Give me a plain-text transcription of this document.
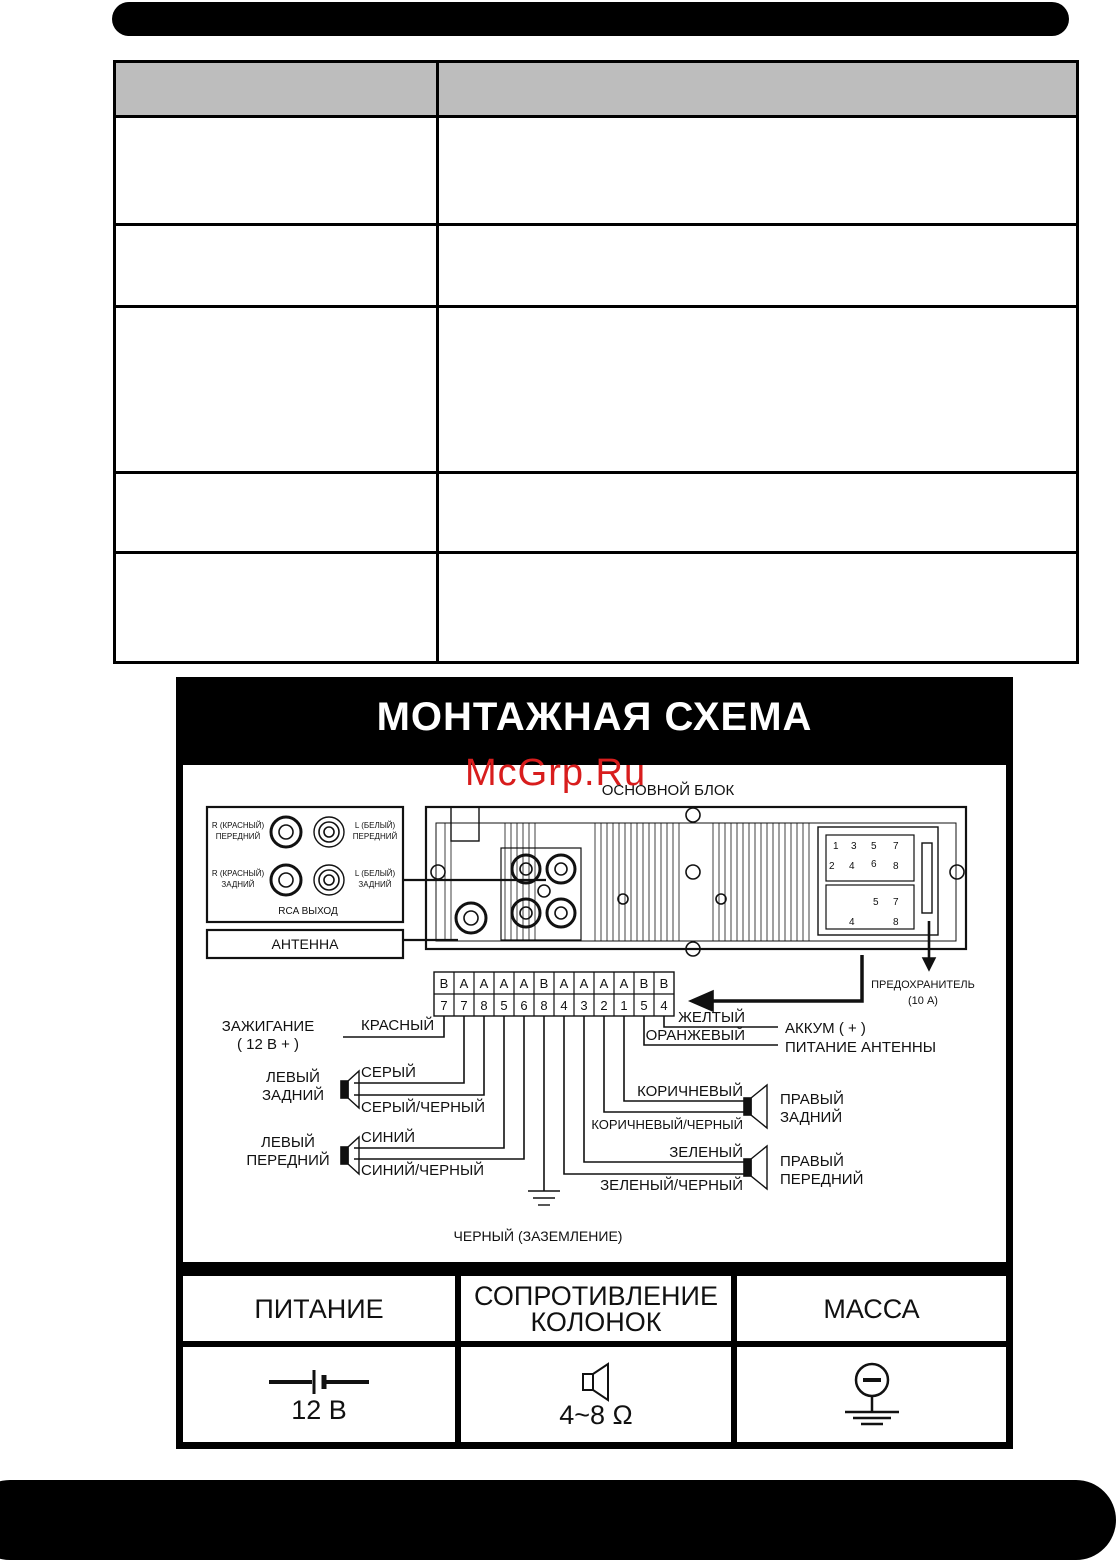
МОНТАЖНАЯ СХЕМА
ОСНОВНОЙ БЛОК
R (КРАСНЫЙ)
ПЕРЕДНИЙ
L (БЕЛЫЙ)
ПЕРЕДНИЙ
R (КРАСНЫЙ)
ЗАДНИЙ
L (БЕЛЫЙ)
ЗАДНИЙ
RCA ВЫХОД
АНТЕННА
1 3 5 7
2 4 6 8
5 7
4	8
ПРЕДОХРАНИТЕЛЬ
(10 А)
B A A A A B A A A A B B
7 7 8 5 6 8 4 3 2 1 5 4
ЗАЖИГАНИЕ
( 12 В + )
ЛЕВЫЙ
ЗАДНИЙ
ЛЕВЫЙ
ПЕРЕДНИЙ
КРАСНЫЙ
СЕРЫЙ
СЕРЫЙ/ЧЕРНЫЙ
СИНИЙ
СИНИЙ/ЧЕРНЫЙ
ЖЕЛТЫЙ
ОРАНЖЕВЫЙ
КОРИЧНЕВЫЙ
КОРИЧНЕВЫЙ/ЧЕРНЫЙ
ЗЕЛЕНЫЙ
ЗЕЛЕНЫЙ/ЧЕРНЫЙ
АККУМ ( + )
ПИТАНИЕ АНТЕННЫ
ПРАВЫЙ
ЗАДНИЙ
ПРАВЫЙ
ПЕРЕДНИЙ
ЧЕРНЫЙ (ЗАЗЕМЛЕНИЕ)
ПИТАНИЕ	СОПРОТИВЛЕНИЕ КОЛОНОК	МАССА
12 В	4~8 Ω
McGrp.Ru
